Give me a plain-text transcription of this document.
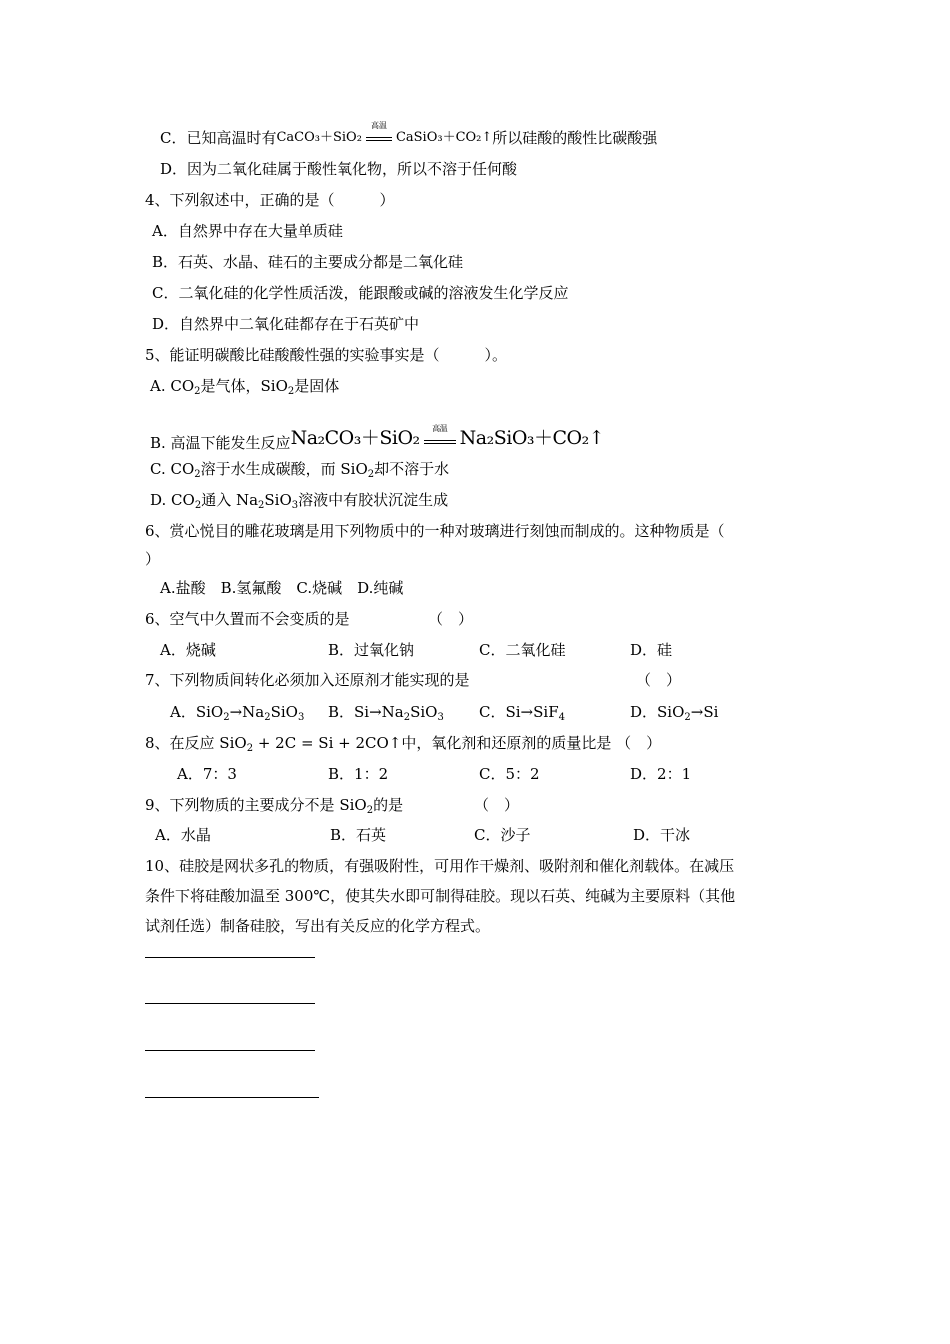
C．已知高温时有CaCO₃＋SiO₂
高温
CaSiO₃＋CO₂↑所以硅酸的酸性比碳酸强
D．因为二氧化硅属于酸性氧化物，所以不溶于任何酸
4、下列叙述中，正确的是（　　　）
A．自然界中存在大量单质硅
B．石英、水晶、硅石的主要成分都是二氧化硅
C．二氧化硅的化学性质活泼，能跟酸或碱的溶液发生化学反应
D．自然界中二氧化硅都存在于石英矿中
5、能证明碳酸比硅酸酸性强的实验事实是（　　　）。
A. $CO_2$是气体，SiO$_2$是固体
B. 高温下能发生反应Na₂CO₃＋SiO₂	高温 Na₂SiO₃＋CO₂↑
C. $CO_2$溶于水生成碳酸，而 SiO$_2$却不溶于水
D. $CO_2$通入 $Na_2SiO_3$溶液中有胶状沉淀生成
6、赏心悦目的雕花玻璃是用下列物质中的一种对玻璃进行刻蚀而制成的。这种物质是（
）
A.盐酸　B.氢氟酸　C.烧碱　D.纯碱
6、空气中久置而不会变质的是	（　）
A．烧碱	B．过氧化钠	C．二氧化硅	D．硅
7、下列物质间转化必须加入还原剂才能实现的是	（　）
A．$SiO_2\to Na_2SiO_3$ B．$Si\to Na_2SiO_3$ C．Si→SiF$_4$	D．SiO$_2$→Si
8、在反应 SiO$_2$ + 2C = Si + 2CO↑中，氧化剂和还原剂的质量比是 （　）
A．7：3	B．1：2	C．5：2	D．2：1
9、下列物质的主要成分不是 SiO$_2$的是	（　）
A．水晶	B．石英	C．沙子	D．干冰
10、硅胶是网状多孔的物质，有强吸附性，可用作干燥剂、吸附剂和催化剂载体。在减压
条件下将硅酸加温至 300℃，使其失水即可制得硅胶。现以石英、纯碱为主要原料（其他
试剂任选）制备硅胶，写出有关反应的化学方程式。
